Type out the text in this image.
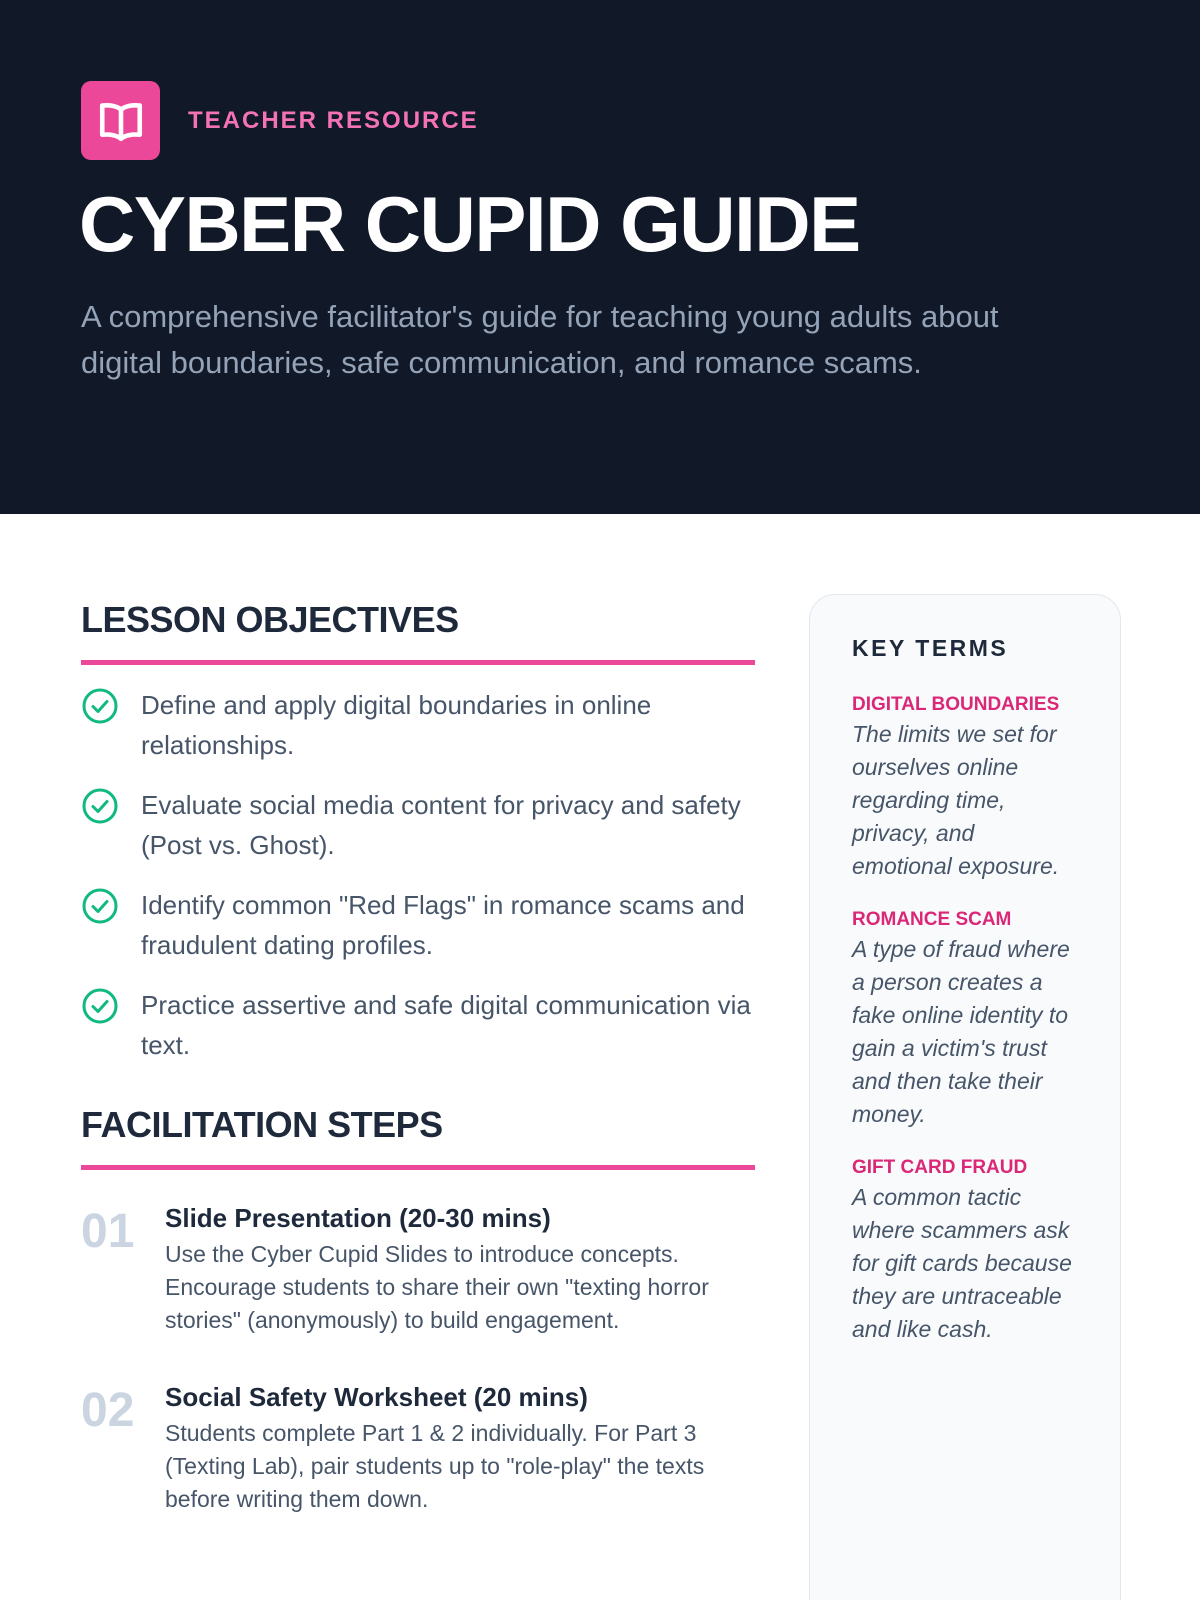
TEACHER RESOURCE
CYBER CUPID GUIDE

A comprehensive facilitator's guide for teaching young adults about digital boundaries, safe communication, and romance scams.

LESSON OBJECTIVES
Define and apply digital boundaries in online relationships.
Evaluate social media content for privacy and safety (Post vs. Ghost).
Identify common "Red Flags" in romance scams and fraudulent dating profiles.
Practice assertive and safe digital communication via text.
FACILITATION STEPS
01	Slide Presentation (20-30 mins)
Use the Cyber Cupid Slides to introduce concepts. Encourage students to share their own "texting horror stories" (anonymously) to build engagement.
02	Social Safety Worksheet (20 mins)
Students complete Part 1 & 2 individually. For Part 3 (Texting Lab), pair students up to "role-play" the texts before writing them down.
KEY TERMS
DIGITAL BOUNDARIES
The limits we set for ourselves online regarding time, privacy, and emotional exposure.
ROMANCE SCAM
A type of fraud where a person creates a fake online identity to gain a victim's trust and then take their money.
GIFT CARD FRAUD
A common tactic where scammers ask for gift cards because they are untraceable and like cash.
